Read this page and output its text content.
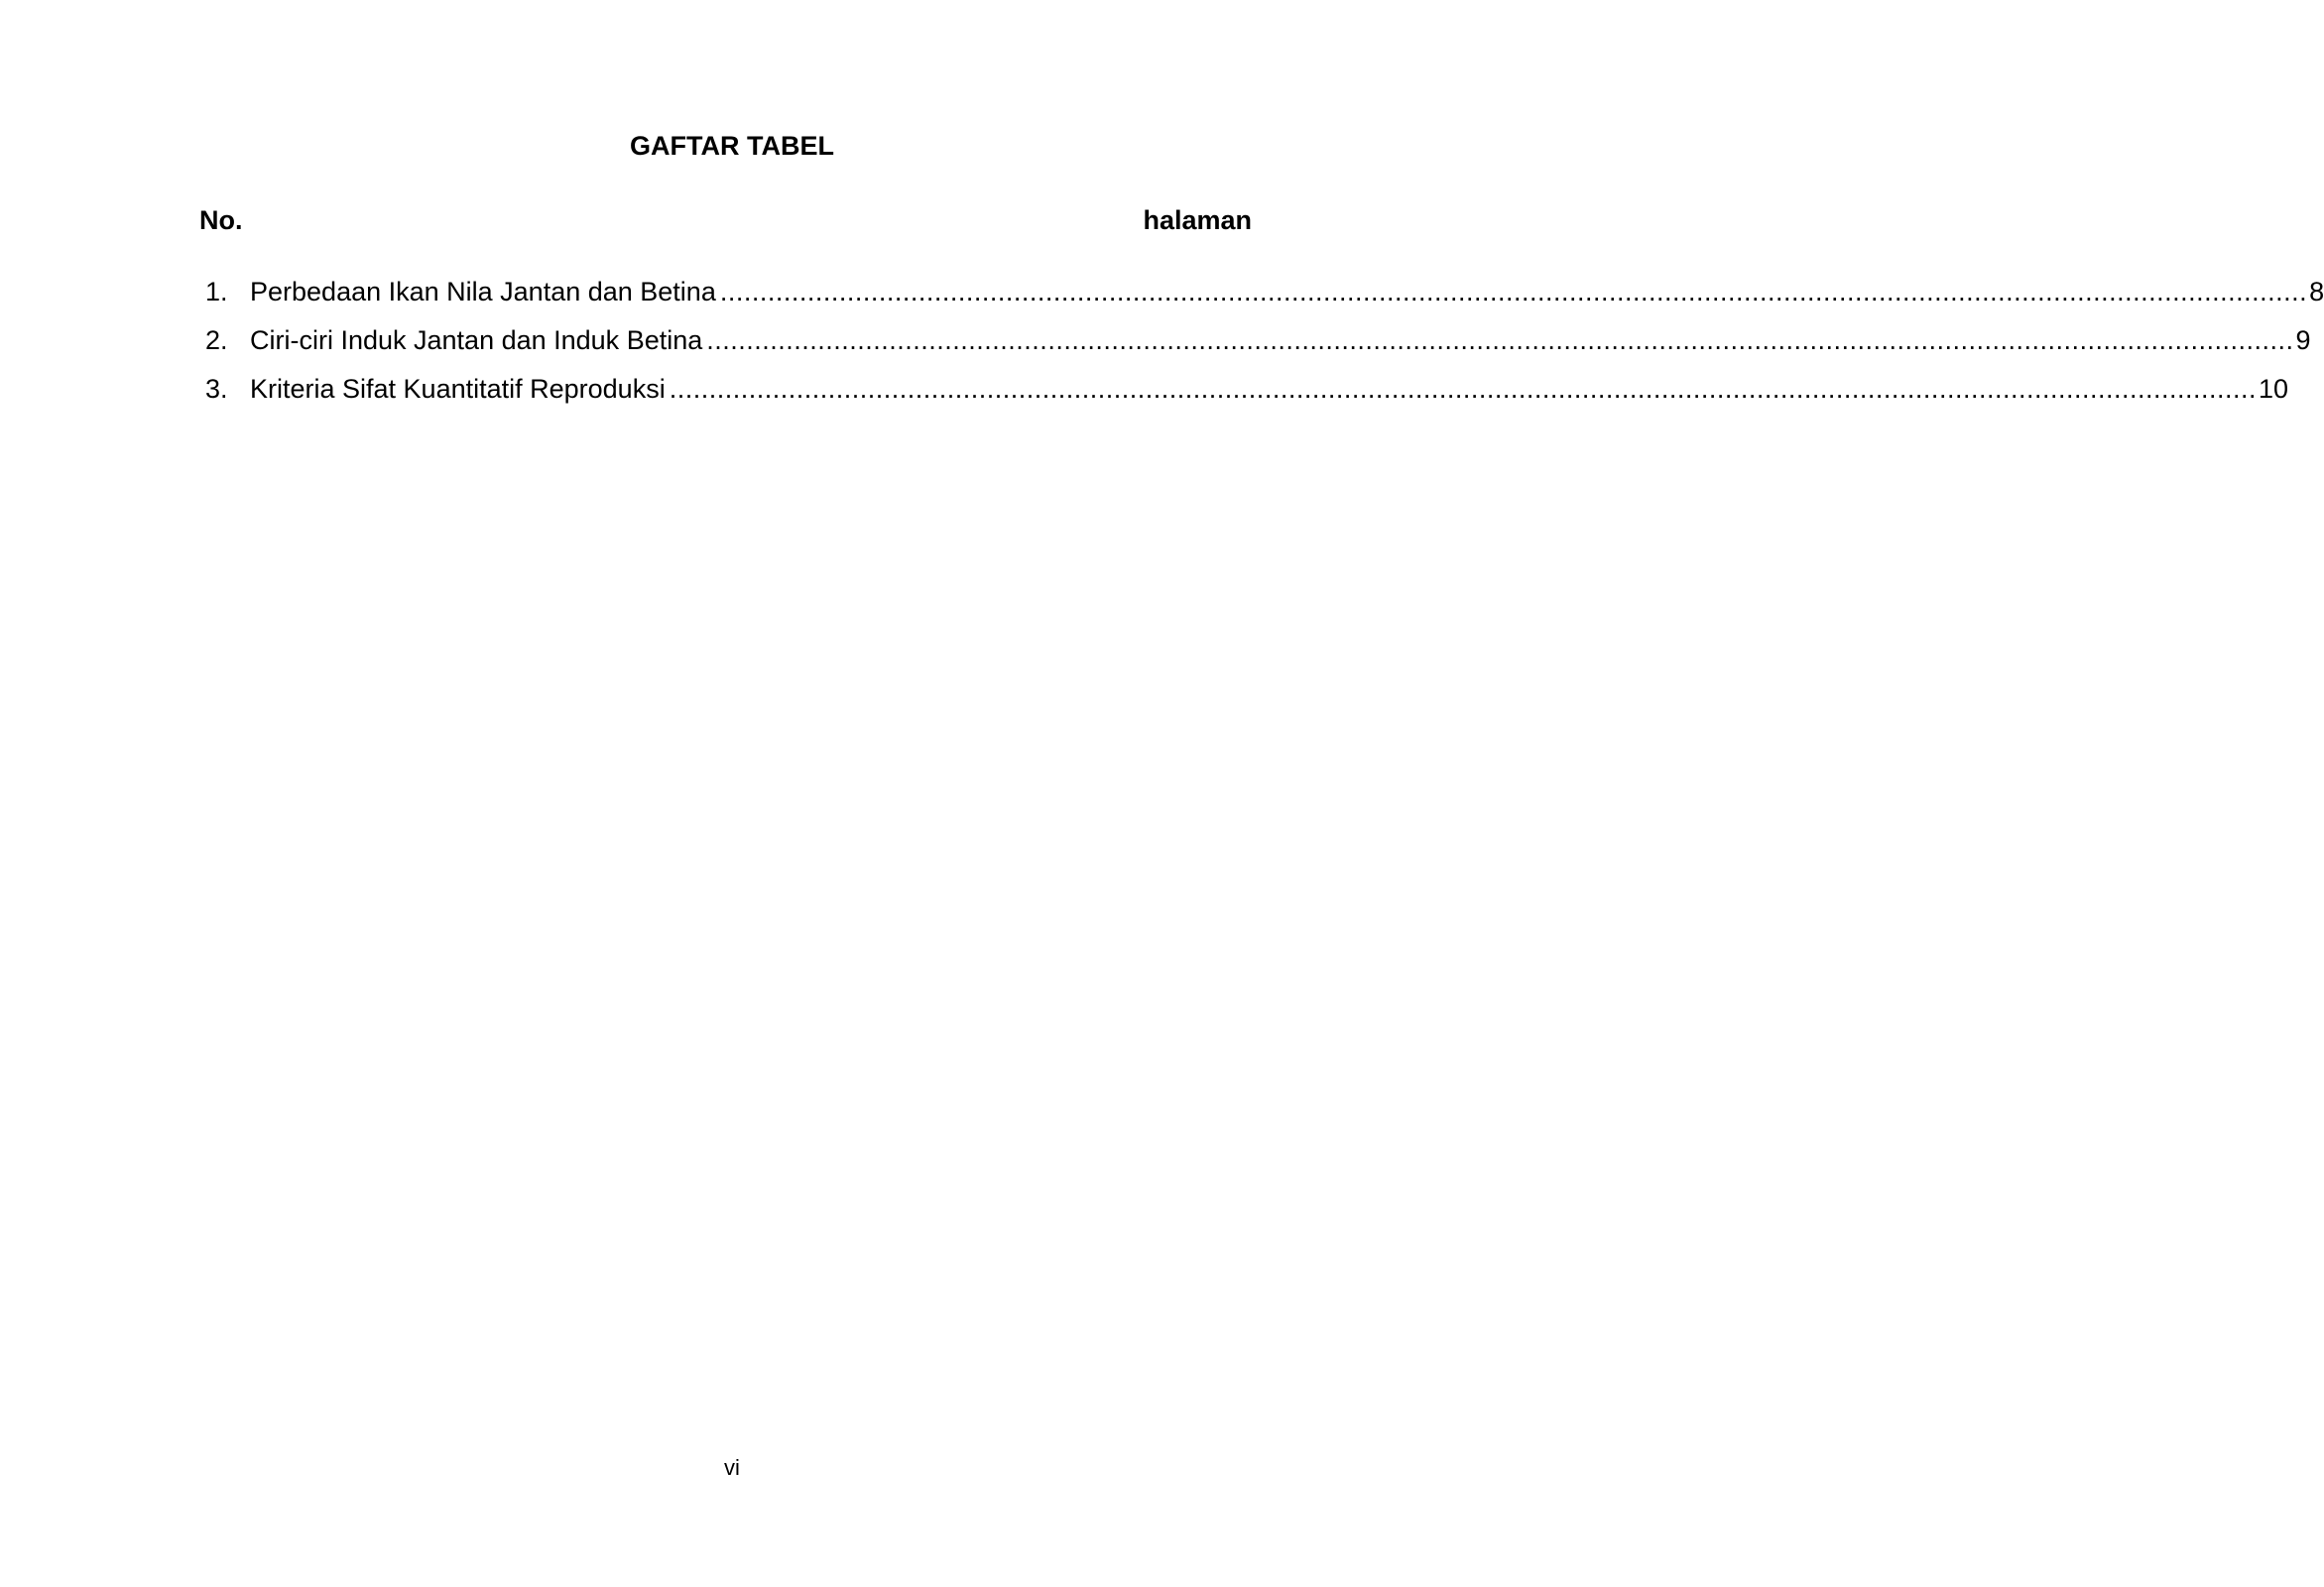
GAFTAR TABEL
No.	halaman
1. Perbedaan Ikan Nila Jantan dan Betina ........................................................................................................................................................................................................ 8
2. Ciri-ciri Induk Jantan dan Induk Betina ........................................................................................................................................................................................................ 9
3. Kriteria Sifat Kuantitatif Reproduksi ........................................................................................................................................................................................................ 10
vi
